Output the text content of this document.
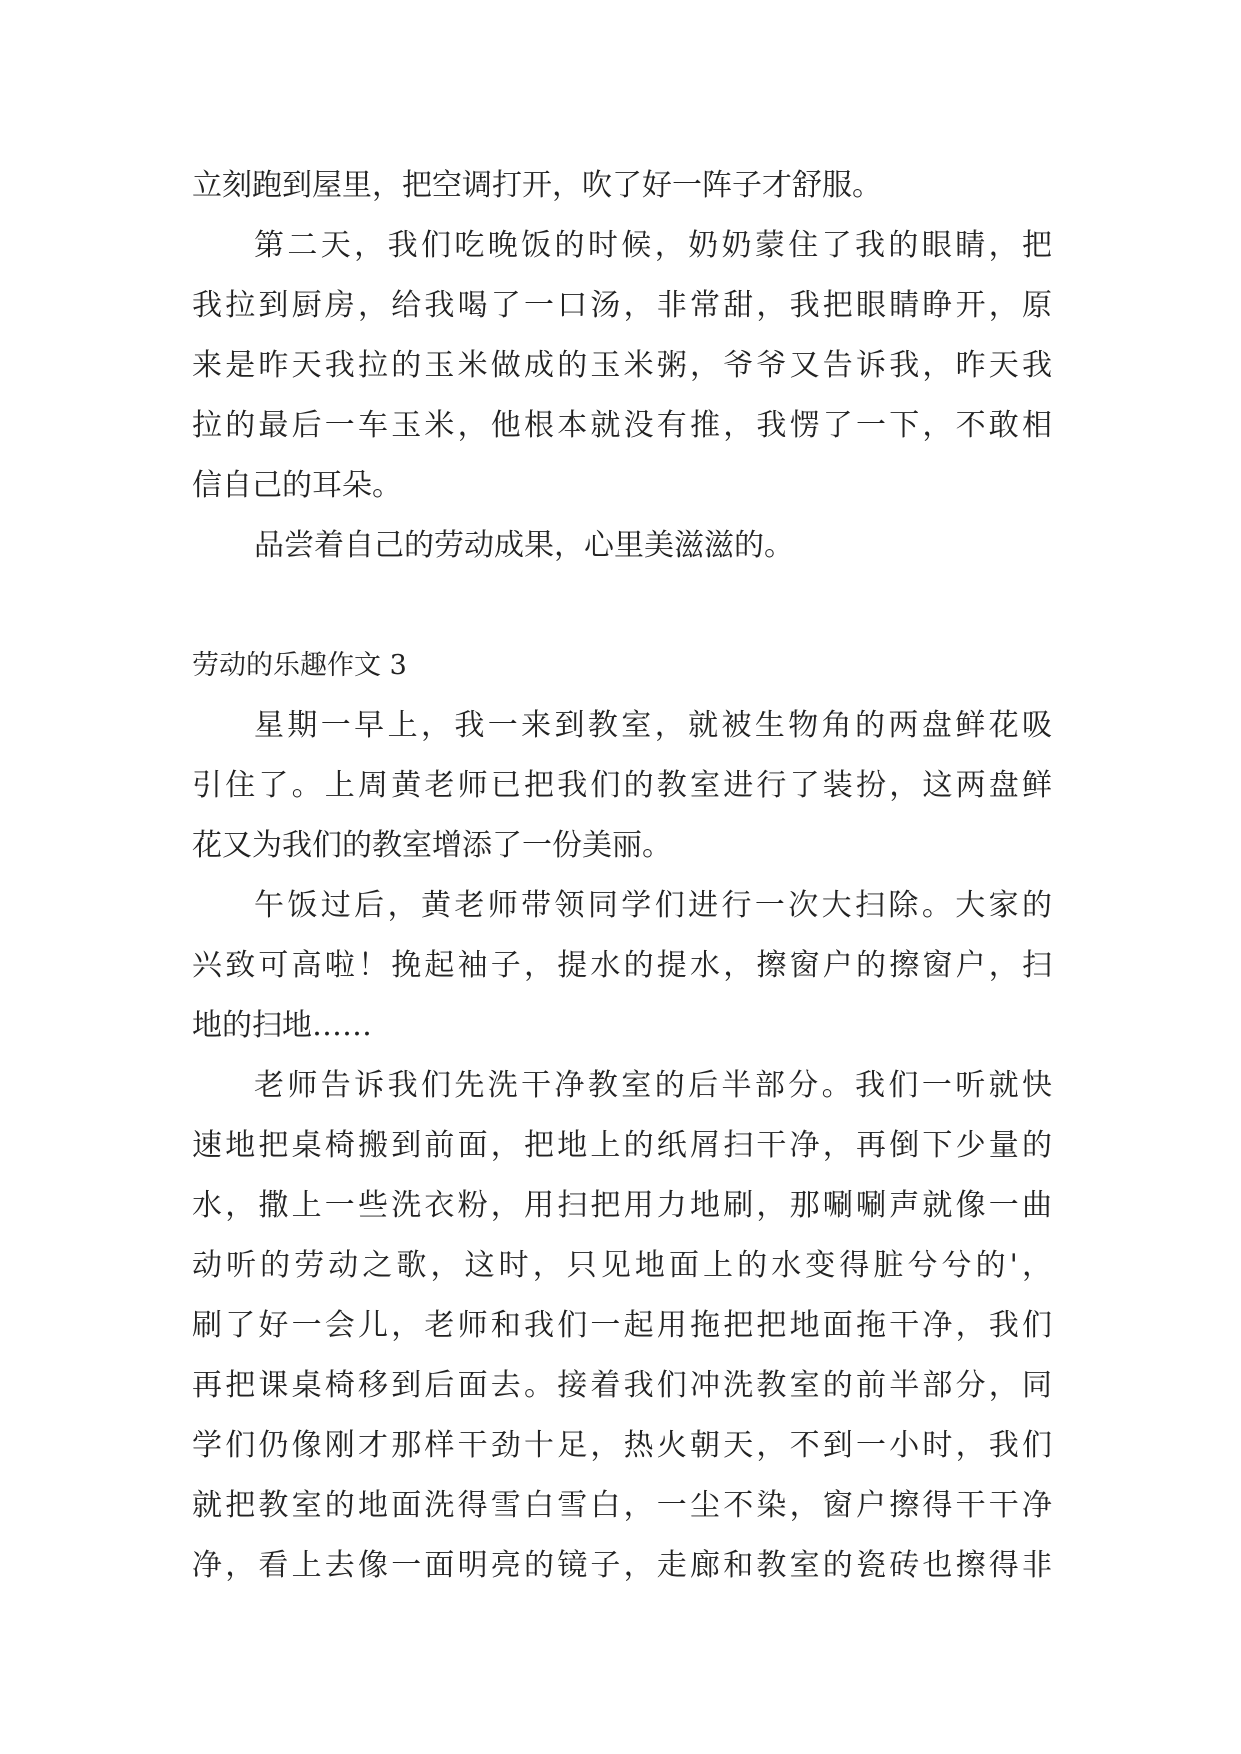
立刻跑到屋里，把空调打开，吹了好一阵子才舒服。
第二天，我们吃晚饭的时候，奶奶蒙住了我的眼睛，把
我拉到厨房，给我喝了一口汤，非常甜，我把眼睛睁开，原
来是昨天我拉的玉米做成的玉米粥，爷爷又告诉我，昨天我
拉的最后一车玉米，他根本就没有推，我愣了一下，不敢相
信自己的耳朵。
品尝着自己的劳动成果，心里美滋滋的。
劳动的乐趣作文 3
星期一早上，我一来到教室，就被生物角的两盘鲜花吸
引住了。上周黄老师已把我们的教室进行了装扮，这两盘鲜
花又为我们的教室增添了一份美丽。
午饭过后，黄老师带领同学们进行一次大扫除。大家的
兴致可高啦！挽起袖子，提水的提水，擦窗户的擦窗户，扫
地的扫地……
老师告诉我们先洗干净教室的后半部分。我们一听就快
速地把桌椅搬到前面，把地上的纸屑扫干净，再倒下少量的
水，撒上一些洗衣粉，用扫把用力地刷，那唰唰声就像一曲
动听的劳动之歌，这时，只见地面上的水变得脏兮兮的'，
刷了好一会儿，老师和我们一起用拖把把地面拖干净，我们
再把课桌椅移到后面去。接着我们冲洗教室的前半部分，同
学们仍像刚才那样干劲十足，热火朝天，不到一小时，我们
就把教室的地面洗得雪白雪白，一尘不染，窗户擦得干干净
净，看上去像一面明亮的镜子，走廊和教室的瓷砖也擦得非
